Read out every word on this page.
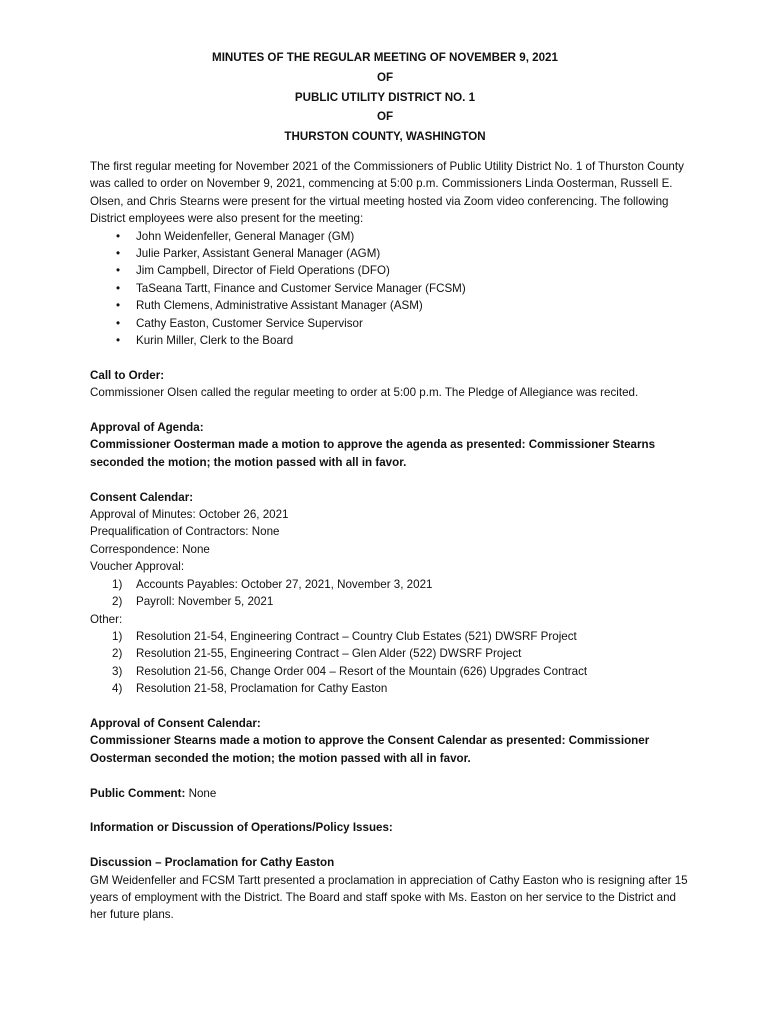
MINUTES OF THE REGULAR MEETING OF NOVEMBER 9, 2021
OF
PUBLIC UTILITY DISTRICT NO. 1
OF
THURSTON COUNTY, WASHINGTON

The first regular meeting for November 2021 of the Commissioners of Public Utility District No. 1 of Thurston County was called to order on November 9, 2021, commencing at 5:00 p.m. Commissioners Linda Oosterman, Russell E. Olsen, and Chris Stearns were present for the virtual meeting hosted via Zoom video conferencing. The following District employees were also present for the meeting:

• John Weidenfeller, General Manager (GM)
• Julie Parker, Assistant General Manager (AGM)
• Jim Campbell, Director of Field Operations (DFO)
• TaSeana Tartt, Finance and Customer Service Manager (FCSM)
• Ruth Clemens, Administrative Assistant Manager (ASM)
• Cathy Easton, Customer Service Supervisor
• Kurin Miller, Clerk to the Board

Call to Order:

Commissioner Olsen called the regular meeting to order at 5:00 p.m. The Pledge of Allegiance was recited.

Approval of Agenda:

Commissioner Oosterman made a motion to approve the agenda as presented: Commissioner Stearns seconded the motion; the motion passed with all in favor.

Consent Calendar:

Approval of Minutes: October 26, 2021

Prequalification of Contractors: None

Correspondence: None

Voucher Approval:

1) Accounts Payables: October 27, 2021, November 3, 2021
2) Payroll: November 5, 2021

Other:

1) Resolution 21-54, Engineering Contract – Country Club Estates (521) DWSRF Project
2) Resolution 21-55, Engineering Contract – Glen Alder (522) DWSRF Project
3) Resolution 21-56, Change Order 004 – Resort of the Mountain (626) Upgrades Contract
4) Resolution 21-58, Proclamation for Cathy Easton

Approval of Consent Calendar:

Commissioner Stearns made a motion to approve the Consent Calendar as presented: Commissioner Oosterman seconded the motion; the motion passed with all in favor.

Public Comment: None

Information or Discussion of Operations/Policy Issues:

Discussion – Proclamation for Cathy Easton

GM Weidenfeller and FCSM Tartt presented a proclamation in appreciation of Cathy Easton who is resigning after 15 years of employment with the District. The Board and staff spoke with Ms. Easton on her service to the District and her future plans.
